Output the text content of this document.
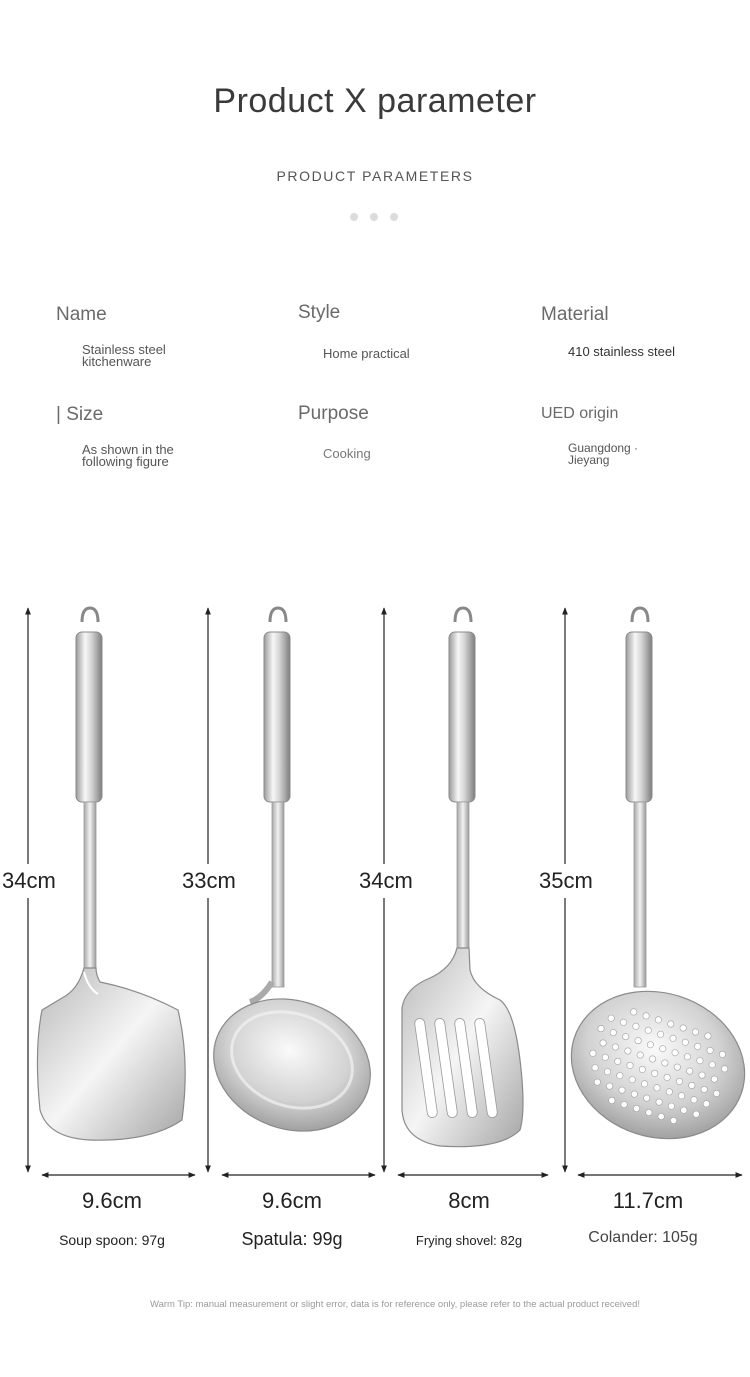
Product X parameter
PRODUCT PARAMETERS
Name
Stainless steel kitchenware
Style
Home practical
Material
410 stainless steel
| Size
As shown in the following figure
Purpose
Cooking
UED origin
Guangdong · Jieyang
34cm	33cm	34cm	35cm
9.6cm	9.6cm	8cm	11.7cm
Soup spoon: 97g	Spatula: 99g	Frying shovel: 82g	Colander: 105g
Warm Tip: manual measurement or slight error, data is for reference only, please refer to the actual product received!
